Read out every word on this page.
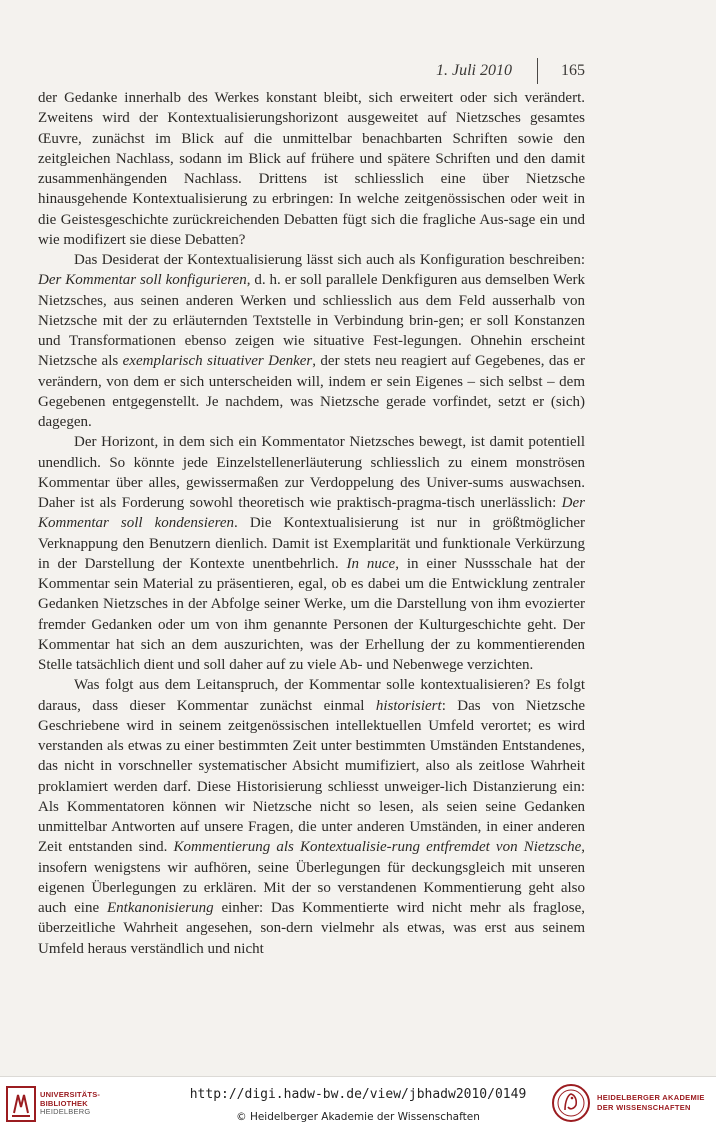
1. Juli 2010	165

der Gedanke innerhalb des Werkes konstant bleibt, sich erweitert oder sich verändert. Zweitens wird der Kontextualisierungshorizont ausgeweitet auf Nietzsches gesamtes Œuvre, zunächst im Blick auf die unmittelbar benachbarten Schriften sowie den zeitgleichen Nachlass, sodann im Blick auf frühere und spätere Schriften und den damit zusammenhängenden Nachlass. Drittens ist schliesslich eine über Nietzsche hinausgehende Kontextualisierung zu erbringen: In welche zeitgenössischen oder weit in die Geistesgeschichte zurückreichenden Debatten fügt sich die fragliche Aus-sage ein und wie modifizert sie diese Debatten?

Das Desiderat der Kontextualisierung lässt sich auch als Konfiguration beschreiben: Der Kommentar soll konfigurieren, d. h. er soll parallele Denkfiguren aus demselben Werk Nietzsches, aus seinen anderen Werken und schliesslich aus dem Feld ausserhalb von Nietzsche mit der zu erläuternden Textstelle in Verbindung brin-gen; er soll Konstanzen und Transformationen ebenso zeigen wie situative Fest-legungen. Ohnehin erscheint Nietzsche als exemplarisch situativer Denker, der stets neu reagiert auf Gegebenes, das er verändern, von dem er sich unterscheiden will, indem er sein Eigenes – sich selbst – dem Gegebenen entgegenstellt. Je nachdem, was Nietzsche gerade vorfindet, setzt er (sich) dagegen.

Der Horizont, in dem sich ein Kommentator Nietzsches bewegt, ist damit potentiell unendlich. So könnte jede Einzelstellenerläuterung schliesslich zu einem monströsen Kommentar über alles, gewissermaßen zur Verdoppelung des Univer-sums auswachsen. Daher ist als Forderung sowohl theoretisch wie praktisch-pragma-tisch unerlässlich: Der Kommentar soll kondensieren. Die Kontextualisierung ist nur in größtmöglicher Verknappung den Benutzern dienlich. Damit ist Exemplarität und funktionale Verkürzung in der Darstellung der Kontexte unentbehrlich. In nuce, in einer Nussschale hat der Kommentar sein Material zu präsentieren, egal, ob es dabei um die Entwicklung zentraler Gedanken Nietzsches in der Abfolge seiner Werke, um die Darstellung von ihm evozierter fremder Gedanken oder um von ihm genannte Personen der Kulturgeschichte geht. Der Kommentar hat sich an dem auszurichten, was der Erhellung der zu kommentierenden Stelle tatsächlich dient und soll daher auf zu viele Ab- und Nebenwege verzichten.

Was folgt aus dem Leitanspruch, der Kommentar solle kontextualisieren? Es folgt daraus, dass dieser Kommentar zunächst einmal historisiert: Das von Nietzsche Geschriebene wird in seinem zeitgenössischen intellektuellen Umfeld verortet; es wird verstanden als etwas zu einer bestimmten Zeit unter bestimmten Umständen Entstandenes, das nicht in vorschneller systematischer Absicht mumifiziert, also als zeitlose Wahrheit proklamiert werden darf. Diese Historisierung schliesst unweiger-lich Distanzierung ein: Als Kommentatoren können wir Nietzsche nicht so lesen, als seien seine Gedanken unmittelbar Antworten auf unsere Fragen, die unter anderen Umständen, in einer anderen Zeit entstanden sind. Kommentierung als Kontextualisie-rung entfremdet von Nietzsche, insofern wenigstens wir aufhören, seine Überlegungen für deckungsgleich mit unseren eigenen Überlegungen zu erklären. Mit der so verstandenen Kommentierung geht also auch eine Entkanonisierung einher: Das Kommentierte wird nicht mehr als fraglose, überzeitliche Wahrheit angesehen, son-dern vielmehr als etwas, was erst aus seinem Umfeld heraus verständlich und nicht

UNIVERSITÄTS-
BIBLIOTHEK
HEIDELBERG
http://digi.hadw-bw.de/view/jbhadw2010/0149
© Heidelberger Akademie der Wissenschaften
HEIDELBERGER AKADEMIE
DER WISSENSCHAFTEN
